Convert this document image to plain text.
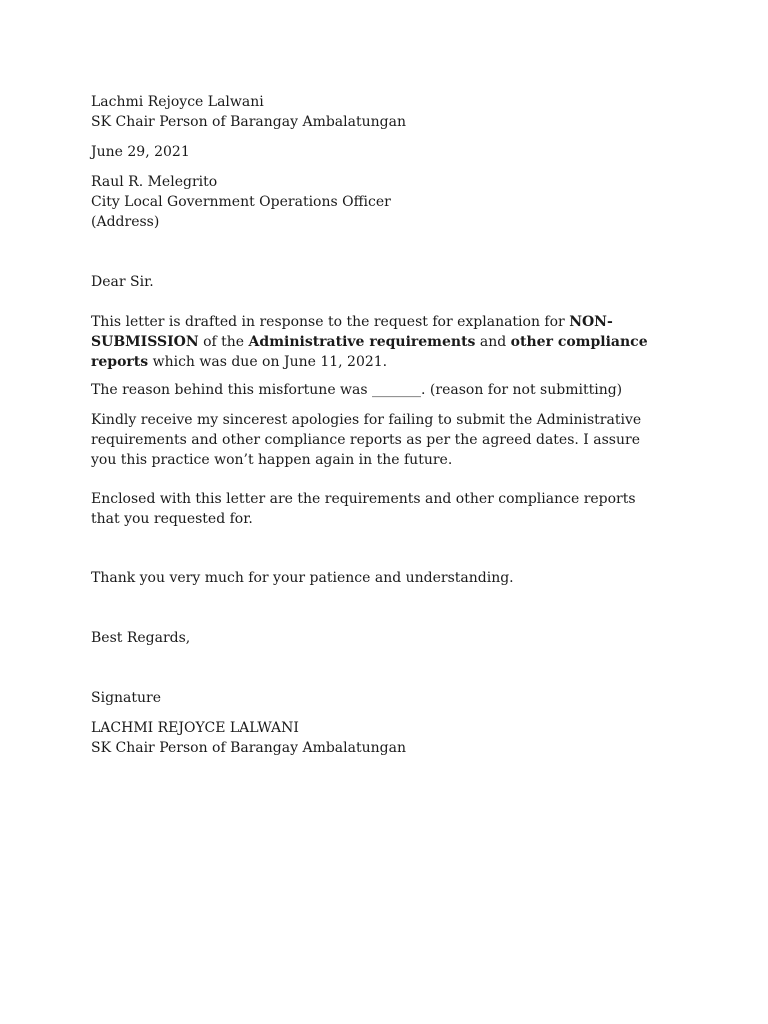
Lachmi Rejoyce Lalwani
SK Chair Person of Barangay Ambalatungan
June 29, 2021
Raul R. Melegrito
City Local Government Operations Officer
(Address)
Dear Sir.
This letter is drafted in response to the request for explanation for NON-SUBMISSION of the Administrative requirements and other compliance reports which was due on June 11, 2021.
The reason behind this misfortune was _______. (reason for not submitting)
Kindly receive my sincerest apologies for failing to submit the Administrative requirements and other compliance reports as per the agreed dates. I assure you this practice won’t happen again in the future.
Enclosed with this letter are the requirements and other compliance reports that you requested for.
Thank you very much for your patience and understanding.
Best Regards,
Signature
LACHMI REJOYCE LALWANI
SK Chair Person of Barangay Ambalatungan
